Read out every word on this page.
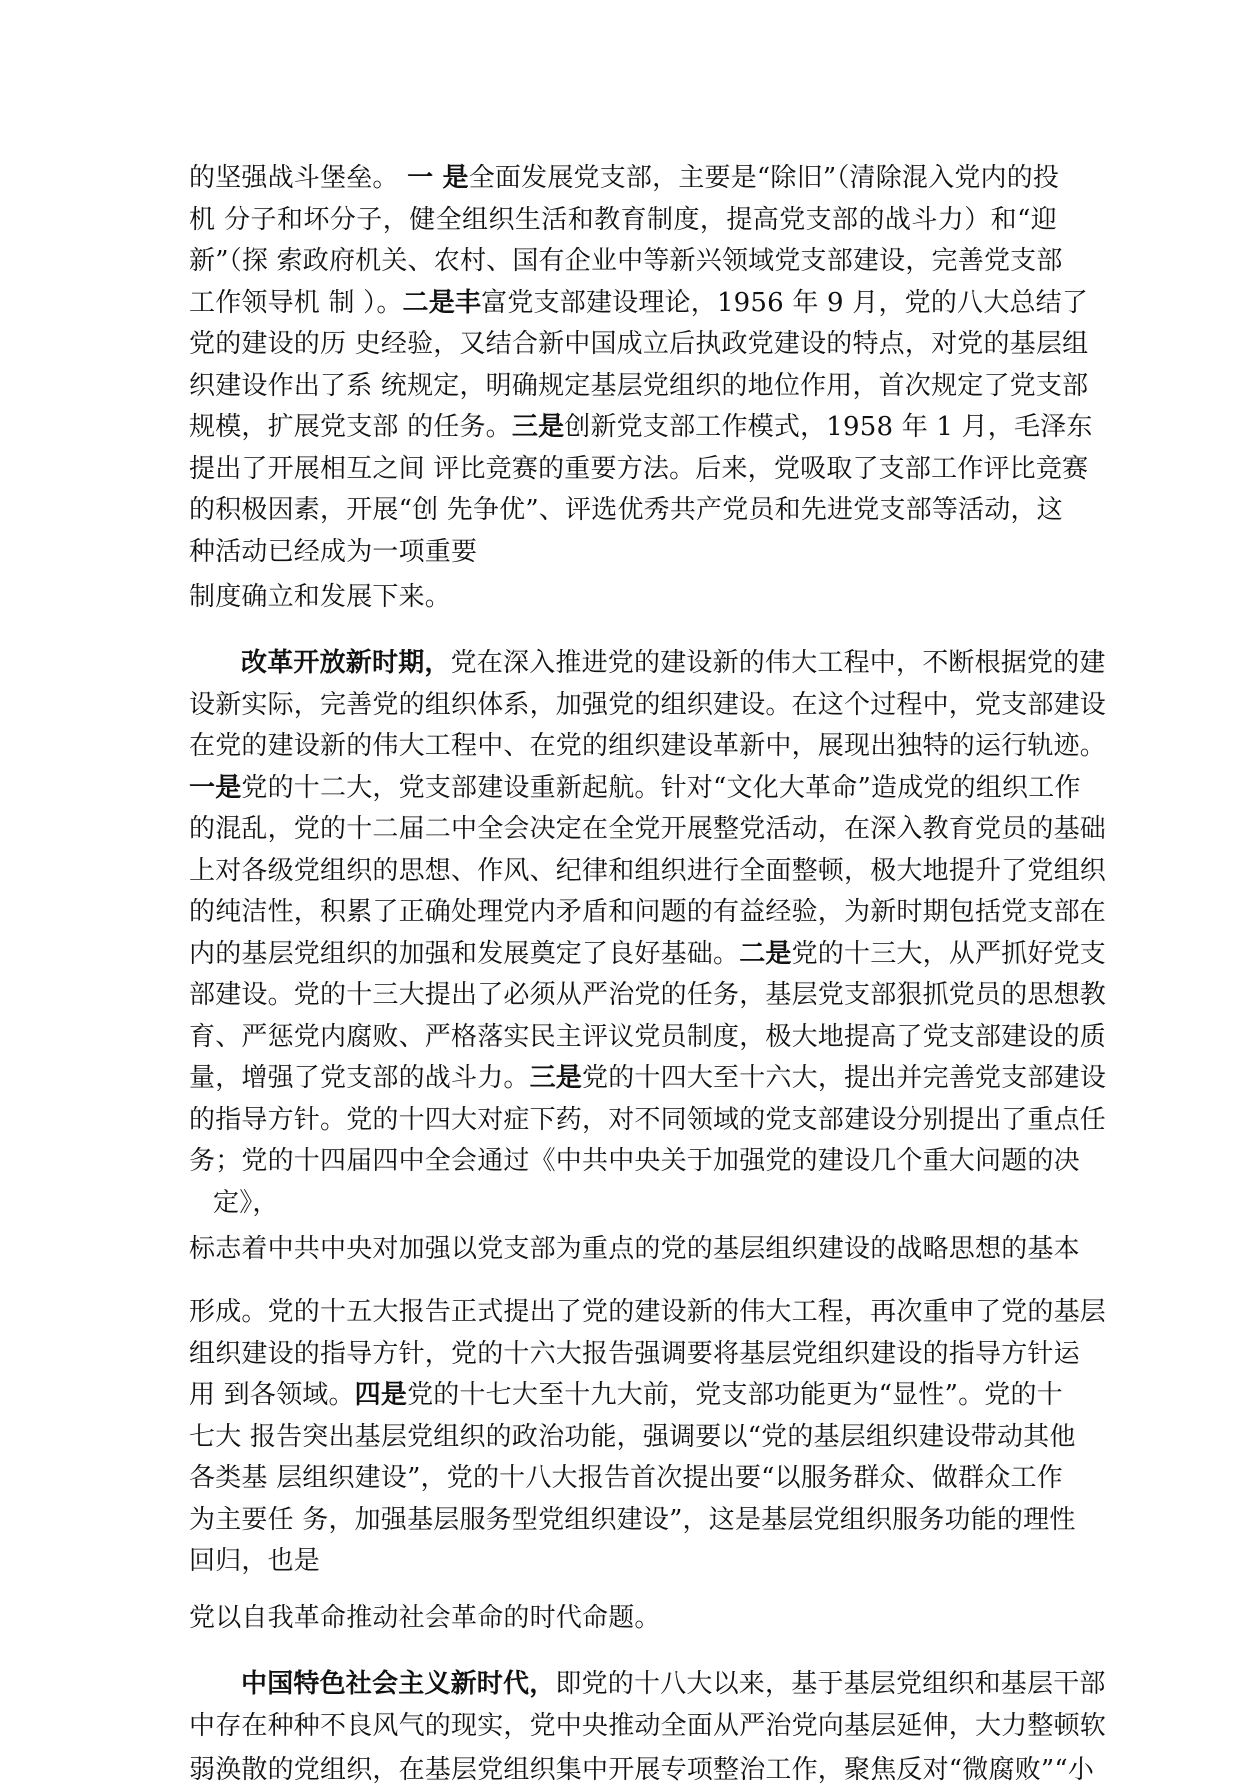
的坚强战斗堡垒。 一 是全面发展党支部，主要是“除旧”（清除混入党内的投
机 分子和坏分子，健全组织生活和教育制度，提高党支部的战斗力）和“迎
新”（探 索政府机关、农村、国有企业中等新兴领域党支部建设，完善党支部
工作领导机 制 ）。二是丰富党支部建设理论，1956 年 9 月，党的八大总结了
党的建设的历 史经验，又结合新中国成立后执政党建设的特点，对党的基层组
织建设作出了系 统规定，明确规定基层党组织的地位作用，首次规定了党支部
规模，扩展党支部 的任务。三是创新党支部工作模式，1958 年 1 月，毛泽东
提出了开展相互之间 评比竞赛的重要方法。后来，党吸取了支部工作评比竞赛
的积极因素，开展“创 先争优”、评选优秀共产党员和先进党支部等活动，这
种活动已经成为一项重要
制度确立和发展下来。
改革开放新时期，党在深入推进党的建设新的伟大工程中，不断根据党的建
设新实际，完善党的组织体系，加强党的组织建设。在这个过程中，党支部建设
在党的建设新的伟大工程中、在党的组织建设革新中，展现出独特的运行轨迹。
一是党的十二大，党支部建设重新起航。针对“文化大革命”造成党的组织工作
的混乱，党的十二届二中全会决定在全党开展整党活动，在深入教育党员的基础
上对各级党组织的思想、作风、纪律和组织进行全面整顿，极大地提升了党组织
的纯洁性，积累了正确处理党内矛盾和问题的有益经验，为新时期包括党支部在
内的基层党组织的加强和发展奠定了良好基础。二是党的十三大，从严抓好党支
部建设。党的十三大提出了必须从严治党的任务，基层党支部狠抓党员的思想教
育、严惩党内腐败、严格落实民主评议党员制度，极大地提高了党支部建设的质
量，增强了党支部的战斗力。三是党的十四大至十六大，提出并完善党支部建设
的指导方针。党的十四大对症下药，对不同领域的党支部建设分别提出了重点任
务；党的十四届四中全会通过《中共中央关于加强党的建设几个重大问题的决
定》，
标志着中共中央对加强以党支部为重点的党的基层组织建设的战略思想的基本
形成。党的十五大报告正式提出了党的建设新的伟大工程，再次重申了党的基层
组织建设的指导方针，党的十六大报告强调要将基层党组织建设的指导方针运
用 到各领域。四是党的十七大至十九大前，党支部功能更为“显性”。党的十
七大 报告突出基层党组织的政治功能，强调要以“党的基层组织建设带动其他
各类基 层组织建设”，党的十八大报告首次提出要“以服务群众、做群众工作
为主要任 务，加强基层服务型党组织建设”，这是基层党组织服务功能的理性
回归，也是
党以自我革命推动社会革命的时代命题。
中国特色社会主义新时代，即党的十八大以来，基于基层党组织和基层干部
中存在种种不良风气的现实，党中央推动全面从严治党向基层延伸，大力整顿软
弱涣散的党组织，在基层党组织集中开展专项整治工作，聚焦反对“微腐败”“小
